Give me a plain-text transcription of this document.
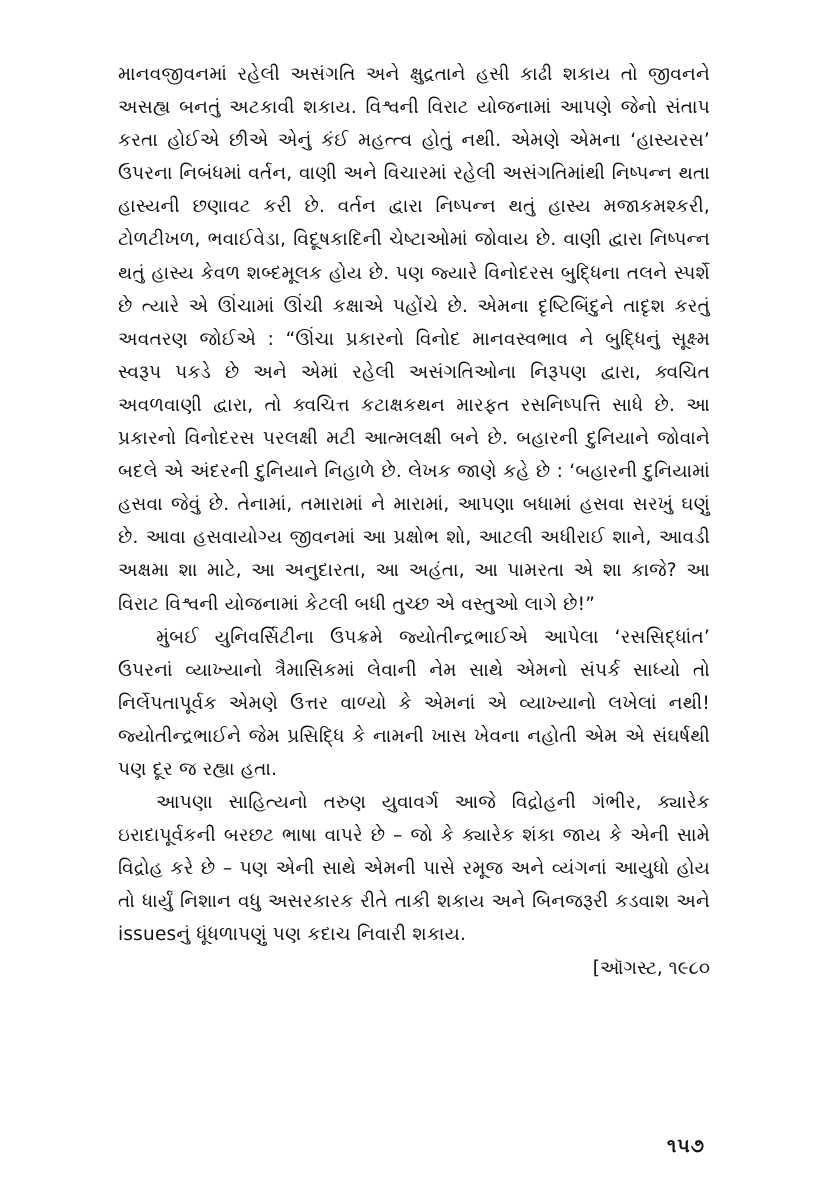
માનવજીવનમાં રહેલી અસંગતિ અને ક્ષુદ્રતાને હસી કાઢી શકાય તો જીવનને અસહ્ય બનતું અટકાવી શકાય. વિશ્વની વિરાટ યોજનામાં આપણે જેનો સંતાપ કરતા હોઈએ છીએ એનું કંઈ મહત્ત્વ હોતું નથી. એમણે એમના ‘હાસ્યરસ’ ઉપરના નિબંધમાં વર્તન, વાણી અને વિચારમાં રહેલી અસંગતિમાંથી નિષ્પન્ન થતા હાસ્યની છણાવટ કરી છે. વર્તન દ્વારા નિષ્પન્ન થતું હાસ્ય મજાકમશ્કરી, ટોળટીખળ, ભવાઈવેડા, વિદૂષકાદિની ચેષ્ટાઓમાં જોવાય છે. વાણી દ્વારા નિષ્પન્ન થતું હાસ્ય કેવળ શબ્દમૂલક હોય છે. પણ જ્યારે વિનોદરસ બુદ્ધિના તલને સ્પર્શે છે ત્યારે એ ઊંચામાં ઊંચી કક્ષાએ પહોંચે છે. એમના દૃષ્ટિબિંદુને તાદૃશ કરતું અવતરણ જોઈએ : “ઊંચા પ્રકારનો વિનોદ માનવસ્વભાવ ને બુદ્ધિનું સૂક્ષ્મ સ્વરૂપ પકડે છે અને એમાં રહેલી અસંગતિઓના નિરૂપણ દ્વારા, ક્વચિત અવળવાણી દ્વારા, તો ક્વચિત્ત કટાક્ષકથન મારફત રસનિષ્પત્તિ સાધે છે. આ પ્રકારનો વિનોદરસ પરલક્ષી મટી આત્મલક્ષી બને છે. બહારની દુનિયાને જોવાને બદલે એ અંદરની દુનિયાને નિહાળે છે. લેખક જાણે કહે છે : ‘બહારની દુનિયામાં હસવા જેવું છે. તેનામાં, તમારામાં ને મારામાં, આપણા બધામાં હસવા સરખું ઘણું છે. આવા હસવાયોગ્ય જીવનમાં આ પ્રક્ષોભ શો, આટલી અધીરાઈ શાને, આવડી અક્ષમા શા માટે, આ અનુદારતા, આ અહંતા, આ પામરતા એ શા કાજે? આ વિરાટ વિશ્વની યોજનામાં કેટલી બધી તુચ્છ એ વસ્તુઓ લાગે છે!”

મુંબઈ યુનિવર્સિટીના ઉપક્રમે જ્યોતીન્દ્રભાઈએ આપેલા ‘રસસિદ્ધાંત’ ઉપરનાં વ્યાખ્યાનો ત્રૈમાસિકમાં લેવાની નેમ સાથે એમનો સંપર્ક સાધ્યો તો નિર્લેપતાપૂર્વક એમણે ઉત્તર વાળ્યો કે એમનાં એ વ્યાખ્યાનો લખેલાં નથી! જ્યોતીન્દ્રભાઈને જેમ પ્રસિદ્ધિ કે નામની ખાસ ખેવના નહોતી એમ એ સંઘર્ષથી પણ દૂર જ રહ્યા હતા.

આપણા સાહિત્યનો તરુણ યુવાવર્ગ આજે વિદ્રોહની ગંભીર, ક્યારેક ઇરાદાપૂર્વકની બરછટ ભાષા વાપરે છે – જો કે ક્યારેક શંકા જાય કે એની સામે વિદ્રોહ કરે છે – પણ એની સાથે એમની પાસે રમૂજ અને વ્યંગનાં આયુધો હોય તો ધાર્યું નિશાન વધુ અસરકારક રીતે તાકી શકાય અને બિનજરૂરી કડવાશ અને issuesનું ધૂંધળાપણું પણ કદાચ નિવારી શકાય.

[ઑગસ્ટ, ૧૯૮૦

૧૫૭
